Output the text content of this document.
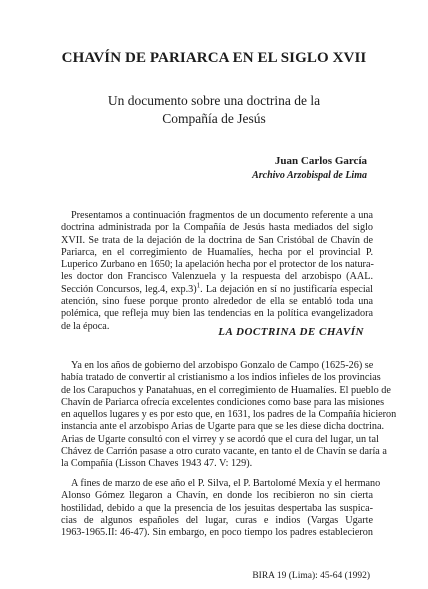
CHAVÍN DE PARIARCA EN EL SIGLO XVII
Un documento sobre una doctrina de la
Compañía de Jesús
Juan Carlos García
Archivo Arzobispal de Lima
Presentamos a continuación fragmentos de un documento referente a una
doctrina administrada por la Compañía de Jesús hasta mediados del siglo
XVII. Se trata de la dejación de la doctrina de San Cristóbal de Chavín de
Pariarca, en el corregimiento de Huamalíes, hecha por el provincial P.
Luperico Zurbano en 1650; la apelación hecha por el protector de los natura-
les doctor don Francisco Valenzuela y la respuesta del arzobispo (AAL.
Sección Concursos, leg.4, exp.3)$^1$. La dejación en sí no justificaría especial
atención, sino fuese porque pronto alrededor de ella se entabló toda una
polémica, que refleja muy bien las tendencias en la política evangelizadora
de la época.	LA DOCTRINA DE CHAVÍN
Ya en los años de gobierno del arzobispo Gonzalo de Campo (1625-26) se
había tratado de convertir al cristianismo a los indios infieles de los provincias
de los Carapuchos y Panatahuas, en el corregimiento de Huamalíes. El pueblo de
Chavín de Pariarca ofrecía excelentes condiciones como base para las misiones
en aquellos lugares y es por esto que, en 1631, los padres de la Compañía hicieron
instancia ante el arzobispo Arias de Ugarte para que se les diese dicha doctrina.
Arias de Ugarte consultó con el virrey y se acordó que el cura del lugar, un tal
Chávez de Carrión pasase a otro curato vacante, en tanto el de Chavín se daría a
la Compañía (Lisson Chaves 1943 47. V: 129).
A fines de marzo de ese año el P. Silva, el P. Bartolomé Mexía y el hermano
Alonso Gómez llegaron a Chavín, en donde los recibieron no sin cierta
hostilidad, debido a que la presencia de los jesuitas despertaba las suspica-
cias de algunos españoles del lugar, curas e indios (Vargas Ugarte
1963-1965.II: 46-47). Sin embargo, en poco tiempo los padres establecieron
BIRA 19 (Lima): 45-64 (1992)
